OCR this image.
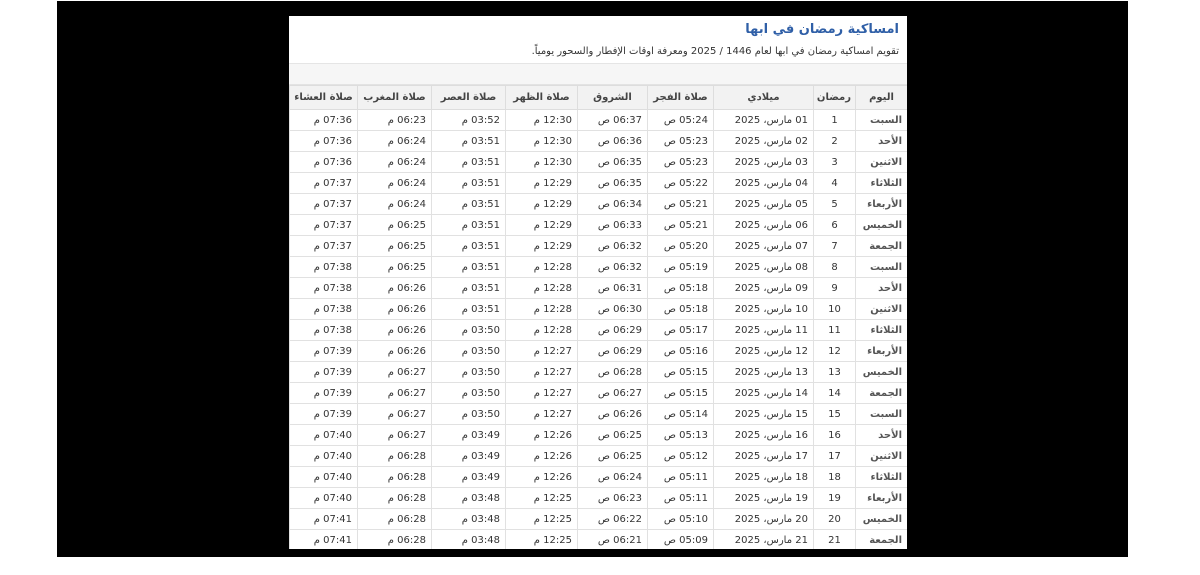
امساكية رمضان في ابها
تقويم امساكية رمضان في ابها لعام 1446 / 2025 ومعرفة اوقات الإفطار والسحور يومياً.
اليوم	رمضان	ميلادي	صلاة الفجر	الشروق	صلاة الظهر	صلاة العصر	صلاة المغرب	صلاة العشاء
السبت	1	01 مارس، 2025	05:24 ص	06:37 ص	12:30 م	03:52 م	06:23 م	07:36 م
الأحد	2	02 مارس، 2025	05:23 ص	06:36 ص	12:30 م	03:51 م	06:24 م	07:36 م
الاثنين	3	03 مارس، 2025	05:23 ص	06:35 ص	12:30 م	03:51 م	06:24 م	07:36 م
الثلاثاء	4	04 مارس، 2025	05:22 ص	06:35 ص	12:29 م	03:51 م	06:24 م	07:37 م
الأربعاء	5	05 مارس، 2025	05:21 ص	06:34 ص	12:29 م	03:51 م	06:24 م	07:37 م
الخميس	6	06 مارس، 2025	05:21 ص	06:33 ص	12:29 م	03:51 م	06:25 م	07:37 م
الجمعة	7	07 مارس، 2025	05:20 ص	06:32 ص	12:29 م	03:51 م	06:25 م	07:37 م
السبت	8	08 مارس، 2025	05:19 ص	06:32 ص	12:28 م	03:51 م	06:25 م	07:38 م
الأحد	9	09 مارس، 2025	05:18 ص	06:31 ص	12:28 م	03:51 م	06:26 م	07:38 م
الاثنين	10	10 مارس، 2025	05:18 ص	06:30 ص	12:28 م	03:51 م	06:26 م	07:38 م
الثلاثاء	11	11 مارس، 2025	05:17 ص	06:29 ص	12:28 م	03:50 م	06:26 م	07:38 م
الأربعاء	12	12 مارس، 2025	05:16 ص	06:29 ص	12:27 م	03:50 م	06:26 م	07:39 م
الخميس	13	13 مارس، 2025	05:15 ص	06:28 ص	12:27 م	03:50 م	06:27 م	07:39 م
الجمعة	14	14 مارس، 2025	05:15 ص	06:27 ص	12:27 م	03:50 م	06:27 م	07:39 م
السبت	15	15 مارس، 2025	05:14 ص	06:26 ص	12:27 م	03:50 م	06:27 م	07:39 م
الأحد	16	16 مارس، 2025	05:13 ص	06:25 ص	12:26 م	03:49 م	06:27 م	07:40 م
الاثنين	17	17 مارس، 2025	05:12 ص	06:25 ص	12:26 م	03:49 م	06:28 م	07:40 م
الثلاثاء	18	18 مارس، 2025	05:11 ص	06:24 ص	12:26 م	03:49 م	06:28 م	07:40 م
الأربعاء	19	19 مارس، 2025	05:11 ص	06:23 ص	12:25 م	03:48 م	06:28 م	07:40 م
الخميس	20	20 مارس، 2025	05:10 ص	06:22 ص	12:25 م	03:48 م	06:28 م	07:41 م
الجمعة	21	21 مارس، 2025	05:09 ص	06:21 ص	12:25 م	03:48 م	06:28 م	07:41 م
